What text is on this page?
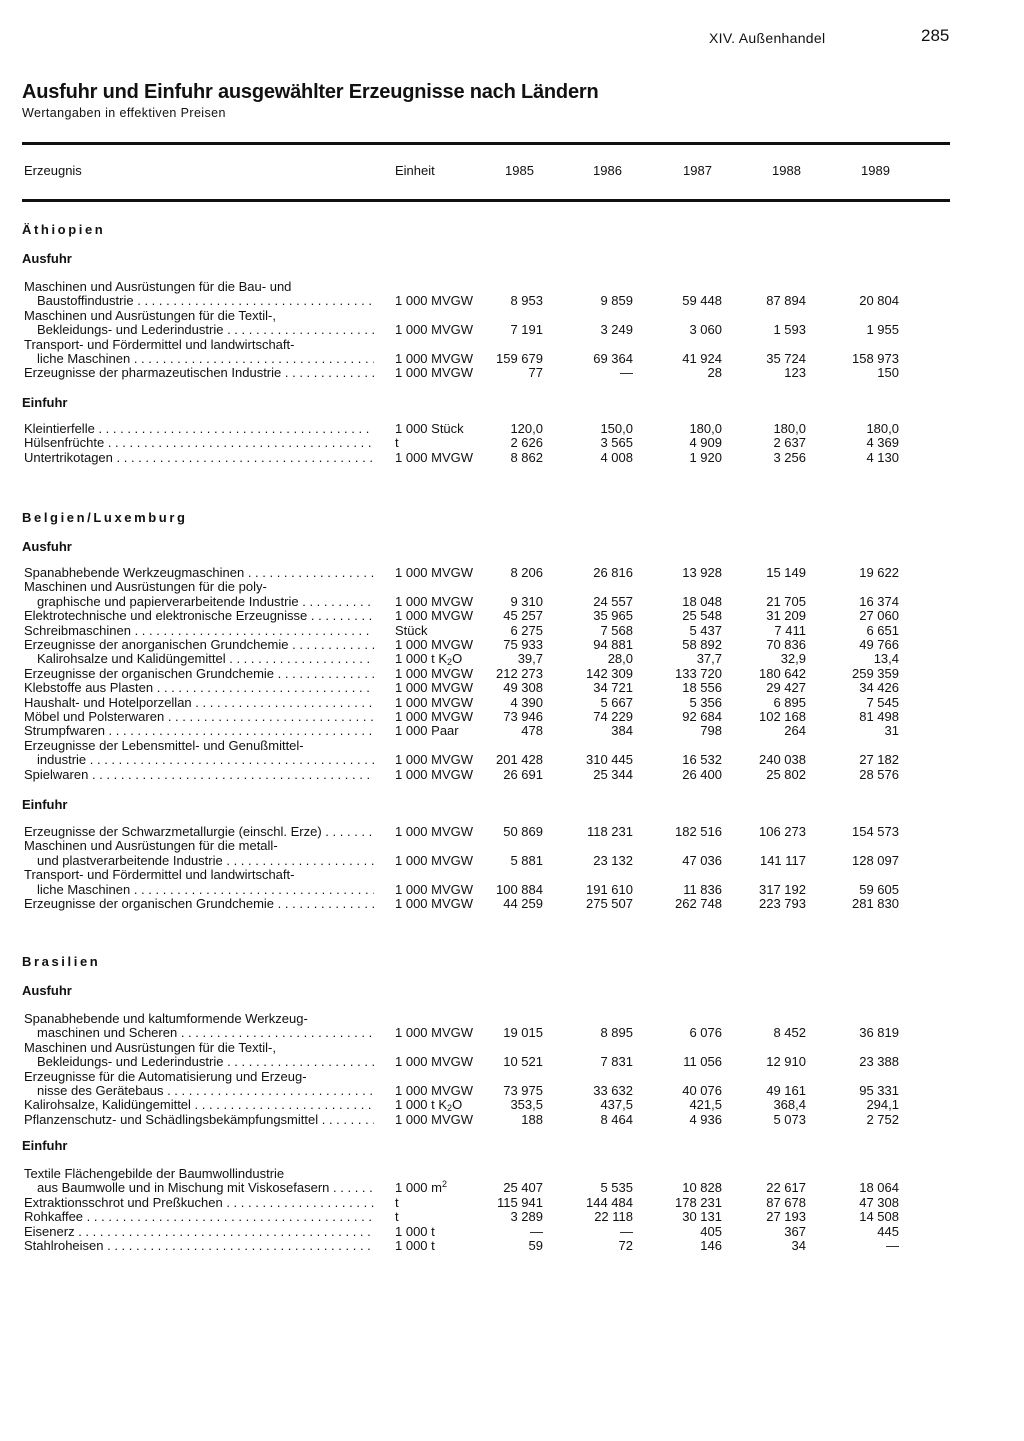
XIV. Außenhandel	285
Ausfuhr und Einfuhr ausgewählter Erzeugnisse nach Ländern
Wertangaben in effektiven Preisen
Erzeugnis	Einheit	1985	1986	1987	1988	1989
Äthiopien
Ausfuhr
Maschinen und Ausrüstungen für die Bau- und
Baustoffindustrie . . .	1 000 MVGW	8 953	9 859	59 448	87 894	20 804
Maschinen und Ausrüstungen für die Textil-,
Bekleidungs- und Lederindustrie . . .	1 000 MVGW	7 191	3 249	3 060	1 593	1 955
Transport- und Fördermittel und landwirtschaft-
liche Maschinen . . .	1 000 MVGW 159 679	69 364	41 924	35 724	158 973
Erzeugnisse der pharmazeutischen Industrie . . .	1 000 MVGW	77	—	28	123	150
Einfuhr
Kleintierfelle . . .	1 000 Stück	120,0	150,0	180,0	180,0	180,0
Hülsenfrüchte . . .	t	2 626	3 565	4 909	2 637	4 369
Untertrikotagen . . .	1 000 MVGW	8 862	4 008	1 920	3 256	4 130
Belgien/Luxemburg
Ausfuhr
Spanabhebende Werkzeugmaschinen . . .	1 000 MVGW	8 206	26 816	13 928	15 149	19 622
Maschinen und Ausrüstungen für die poly-
graphische und papierverarbeitende Industrie . . .	1 000 MVGW	9 310	24 557	18 048	21 705	16 374
Elektrotechnische und elektronische Erzeugnisse . . .	1 000 MVGW 45 257	35 965	25 548	31 209	27 060
Schreibmaschinen . . .	Stück	6 275	7 568	5 437	7 411	6 651
Erzeugnisse der anorganischen Grundchemie . . .	1 000 MVGW 75 933	94 881	58 892	70 836	49 766
Kalirohsalze und Kalidüngemittel . . .	1 000 t $K_2O$	39,7	28,0	37,7	32,9	13,4
Erzeugnisse der organischen Grundchemie . . .	1 000 MVGW 212 273	142 309	133 720	180 642	259 359
Klebstoffe aus Plasten . . .	1 000 MVGW 49 308	34 721	18 556	29 427	34 426
Haushalt- und Hotelporzellan . . .	1 000 MVGW	4 390	5 667	5 356	6 895	7 545
Möbel und Polsterwaren . . .	1 000 MVGW 73 946	74 229	92 684	102 168	81 498
Strumpfwaren . . .	1 000 Paar	478	384	798	264	31
Erzeugnisse der Lebensmittel- und Genußmittel-
industrie . . .	1 000 MVGW 201 428	310 445	16 532	240 038	27 182
Spielwaren . . .	1 000 MVGW 26 691	25 344	26 400	25 802	28 576
Einfuhr
Erzeugnisse der Schwarzmetallurgie (einschl. Erze) . . .	1 000 MVGW 50 869	118 231	182 516	106 273	154 573
Maschinen und Ausrüstungen für die metall-
und plastverarbeitende Industrie . . .	1 000 MVGW	5 881	23 132	47 036	141 117	128 097
Transport- und Fördermittel und landwirtschaft-
liche Maschinen . . .	1 000 MVGW 100 884	191 610	11 836	317 192	59 605
Erzeugnisse der organischen Grundchemie . . .	1 000 MVGW 44 259	275 507	262 748	223 793	281 830
Brasilien
Ausfuhr
Spanabhebende und kaltumformende Werkzeug-
maschinen und Scheren . . .	1 000 MVGW 19 015	8 895	6 076	8 452	36 819
Maschinen und Ausrüstungen für die Textil-,
Bekleidungs- und Lederindustrie . . .	1 000 MVGW 10 521	7 831	11 056	12 910	23 388
Erzeugnisse für die Automatisierung und Erzeug-
nisse des Gerätebaus . . .	1 000 MVGW 73 975	33 632	40 076	49 161	95 331
Kalirohsalze, Kalidüngemittel . . .	1 000 t $K_2O$	353,5	437,5	421,5	368,4	294,1
Pflanzenschutz- und Schädlingsbekämpfungsmittel . . .	1 000 MVGW	188	8 464	4 936	5 073	2 752
Einfuhr
Textile Flächengebilde der Baumwollindustrie
aus Baumwolle und in Mischung mit Viskosefasern . . .	1 000 $m^2$	25 407	5 535	10 828	22 617	18 064
Extraktionsschrot und Preßkuchen . . .	t	115 941	144 484	178 231	87 678	47 308
Rohkaffee . . .	t	3 289	22 118	30 131	27 193	14 508
Eisenerz . . .	1 000 t	—	—	405	367	445
Stahlroheisen . . .	1 000 t	59	72	146	34	—
